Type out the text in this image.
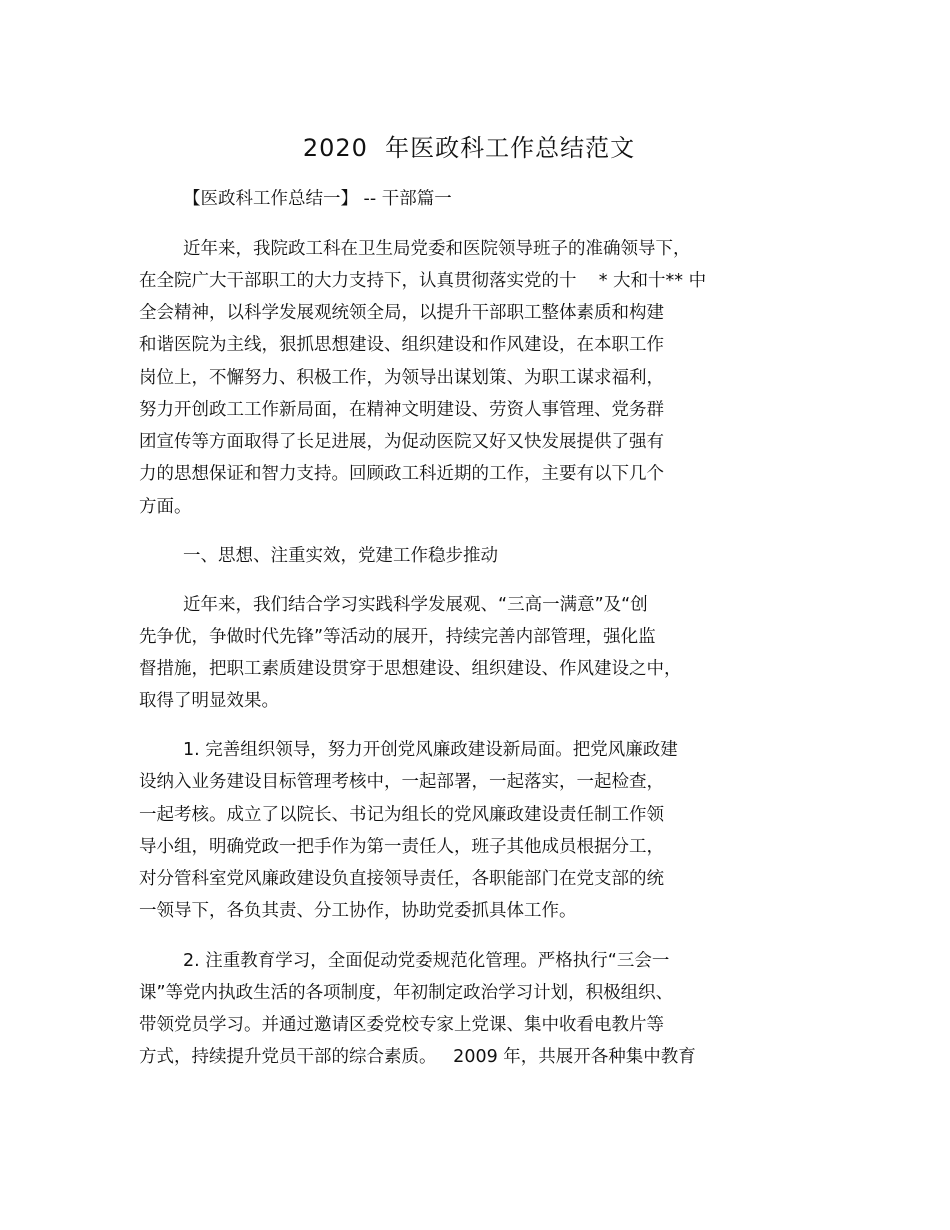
2020  年医政科工作总结范文
【医政科工作总结一】 -- 干部篇一
近年来，我院政工科在卫生局党委和医院领导班子的准确领导下，
在全院广大干部职工的大力支持下，认真贯彻落实党的十    * 大和十** 中
全会精神，以科学发展观统领全局，以提升干部职工整体素质和构建
和谐医院为主线，狠抓思想建设、组织建设和作风建设，在本职工作
岗位上，不懈努力、积极工作，为领导出谋划策、为职工谋求福利，
努力开创政工工作新局面，在精神文明建设、劳资人事管理、党务群
团宣传等方面取得了长足进展，为促动医院又好又快发展提供了强有
力的思想保证和智力支持。回顾政工科近期的工作，主要有以下几个
方面。
一、思想、注重实效，党建工作稳步推动
近年来，我们结合学习实践科学发展观、“三高一满意”及“创
先争优，争做时代先锋”等活动的展开，持续完善内部管理，强化监
督措施，把职工素质建设贯穿于思想建设、组织建设、作风建设之中，
取得了明显效果。
1. 完善组织领导，努力开创党风廉政建设新局面。把党风廉政建
设纳入业务建设目标管理考核中，一起部署，一起落实，一起检查，
一起考核。成立了以院长、书记为组长的党风廉政建设责任制工作领
导小组，明确党政一把手作为第一责任人，班子其他成员根据分工，
对分管科室党风廉政建设负直接领导责任，各职能部门在党支部的统
一领导下，各负其责、分工协作，协助党委抓具体工作。
2. 注重教育学习，全面促动党委规范化管理。严格执行“三会一
课”等党内执政生活的各项制度，年初制定政治学习计划，积极组织、
带领党员学习。并通过邀请区委党校专家上党课、集中收看电教片等
方式，持续提升党员干部的综合素质。   2009 年，共展开各种集中教育
